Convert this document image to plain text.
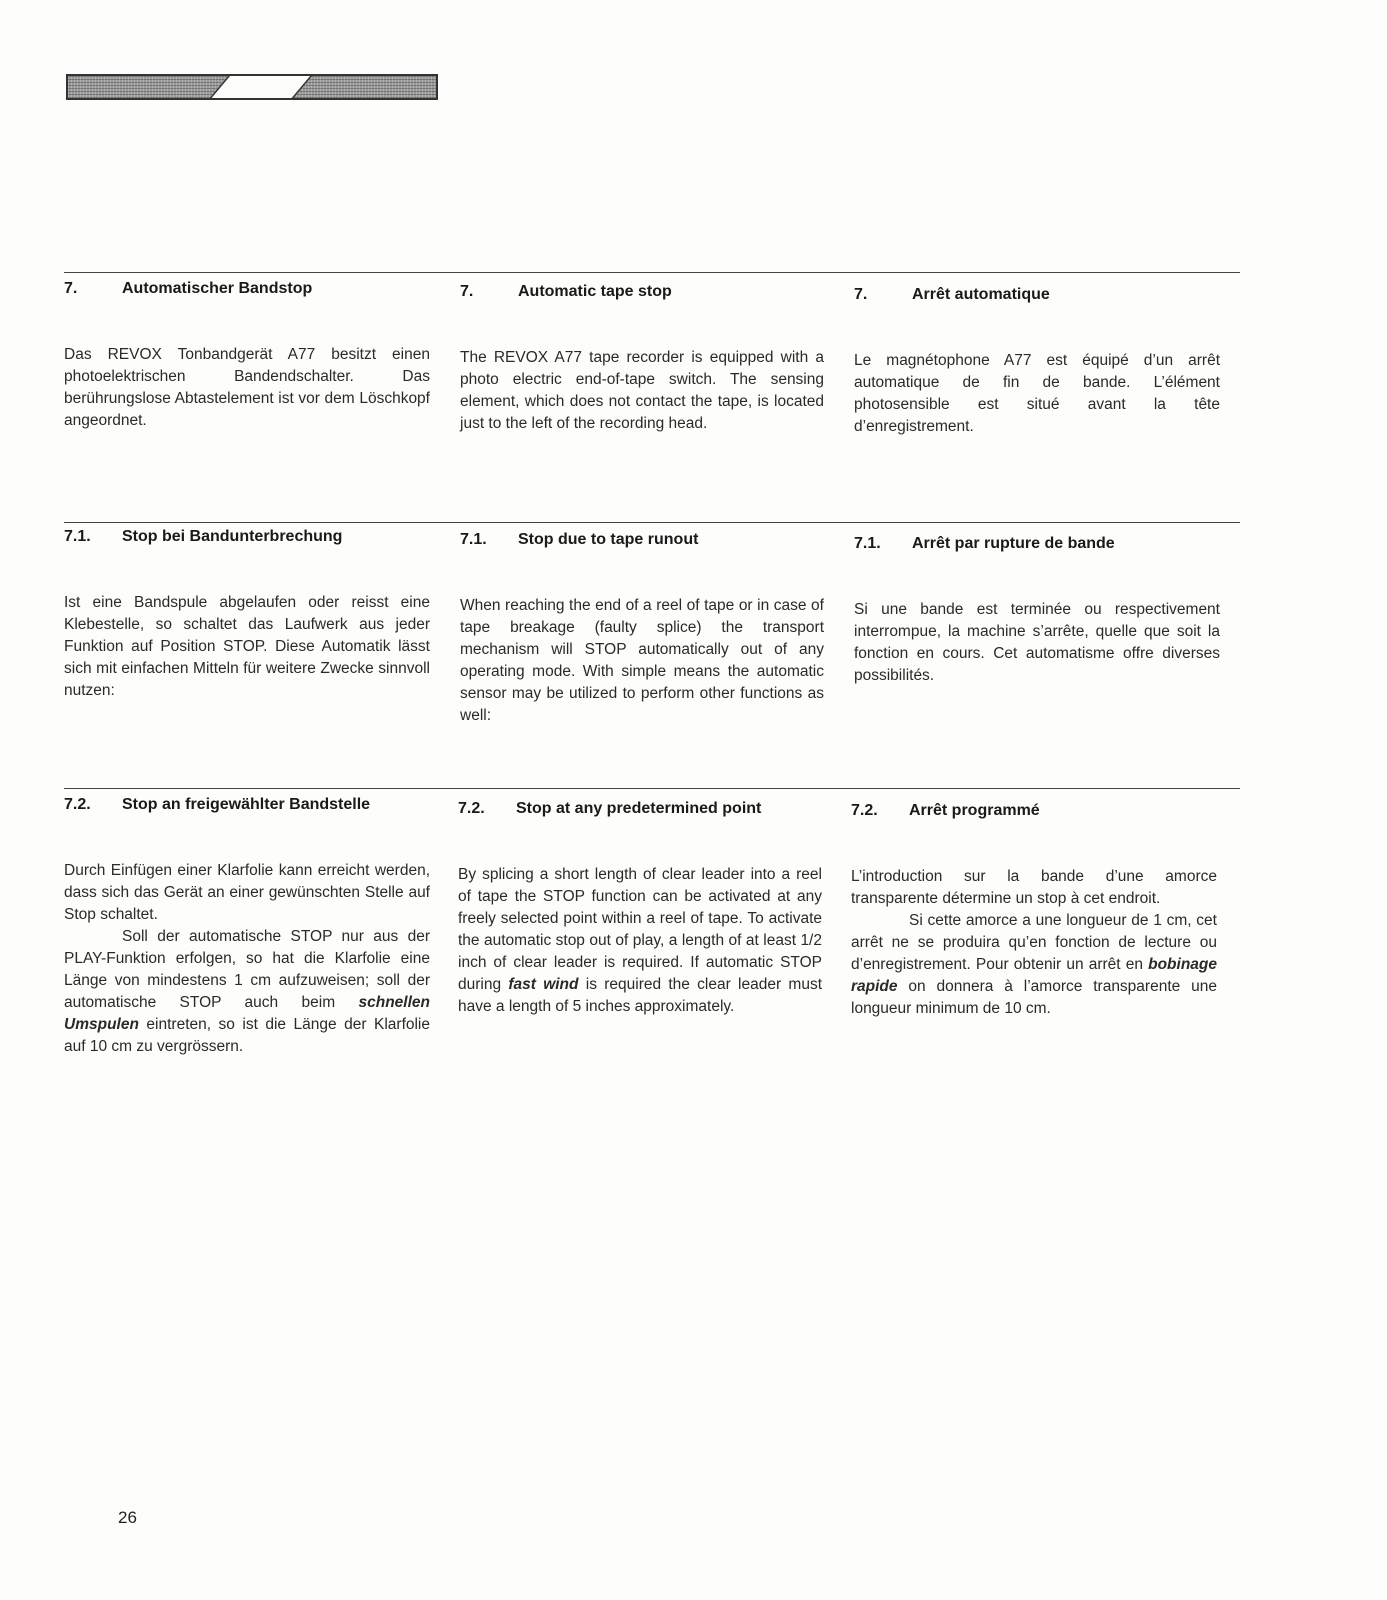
7.	Automatischer Bandstop

Das REVOX Tonbandgerät A77 besitzt einen photoelektrischen Bandendschalter. Das berührungslose Abtastelement ist vor dem Löschkopf angeordnet.

7.	Automatic tape stop

The REVOX A77 tape recorder is equipped with a photo electric end-of-tape switch. The sensing element, which does not contact the tape, is located just to the left of the recording head.

7.	Arrêt automatique

Le magnétophone A77 est équipé d’un arrêt automatique de fin de bande. L’élément photosensible est situé avant la tête d’enregistrement.

7.1.	Stop bei Bandunterbrechung

Ist eine Bandspule abgelaufen oder reisst eine Klebestelle, so schaltet das Laufwerk aus jeder Funktion auf Position STOP. Diese Automatik lässt sich mit einfachen Mitteln für weitere Zwecke sinnvoll nutzen:

7.1.	Stop due to tape runout

When reaching the end of a reel of tape or in case of tape breakage (faulty splice) the transport mechanism will STOP automatically out of any operating mode. With simple means the automatic sensor may be utilized to perform other functions as well:

7.1.	Arrêt par rupture de bande

Si une bande est terminée ou respectivement interrompue, la machine s’arrête, quelle que soit la fonction en cours. Cet automatisme offre diverses possibilités.

7.2.	Stop an freigewählter Bandstelle

Durch Einfügen einer Klarfolie kann erreicht werden, dass sich das Gerät an einer gewünschten Stelle auf Stop schaltet.

Soll der automatische STOP nur aus der PLAY-Funktion erfolgen, so hat die Klarfolie eine Länge von mindestens 1 cm aufzuweisen; soll der automatische STOP auch beim schnellen Umspulen eintreten, so ist die Länge der Klarfolie auf 10 cm zu vergrössern.

7.2.	Stop at any predetermined point

By splicing a short length of clear leader into a reel of tape the STOP function can be activated at any freely selected point within a reel of tape. To activate the automatic stop out of play, a length of at least 1/2 inch of clear leader is required. If automatic STOP during fast wind is required the clear leader must have a length of 5 inches approximately.

7.2.	Arrêt programmé

L’introduction sur la bande d’une amorce transparente détermine un stop à cet endroit.

Si cette amorce a une longueur de 1 cm, cet arrêt ne se produira qu’en fonction de lecture ou d’enregistrement. Pour obtenir un arrêt en bobinage rapide on donnera à l’amorce transparente une longueur minimum de 10 cm.

26
